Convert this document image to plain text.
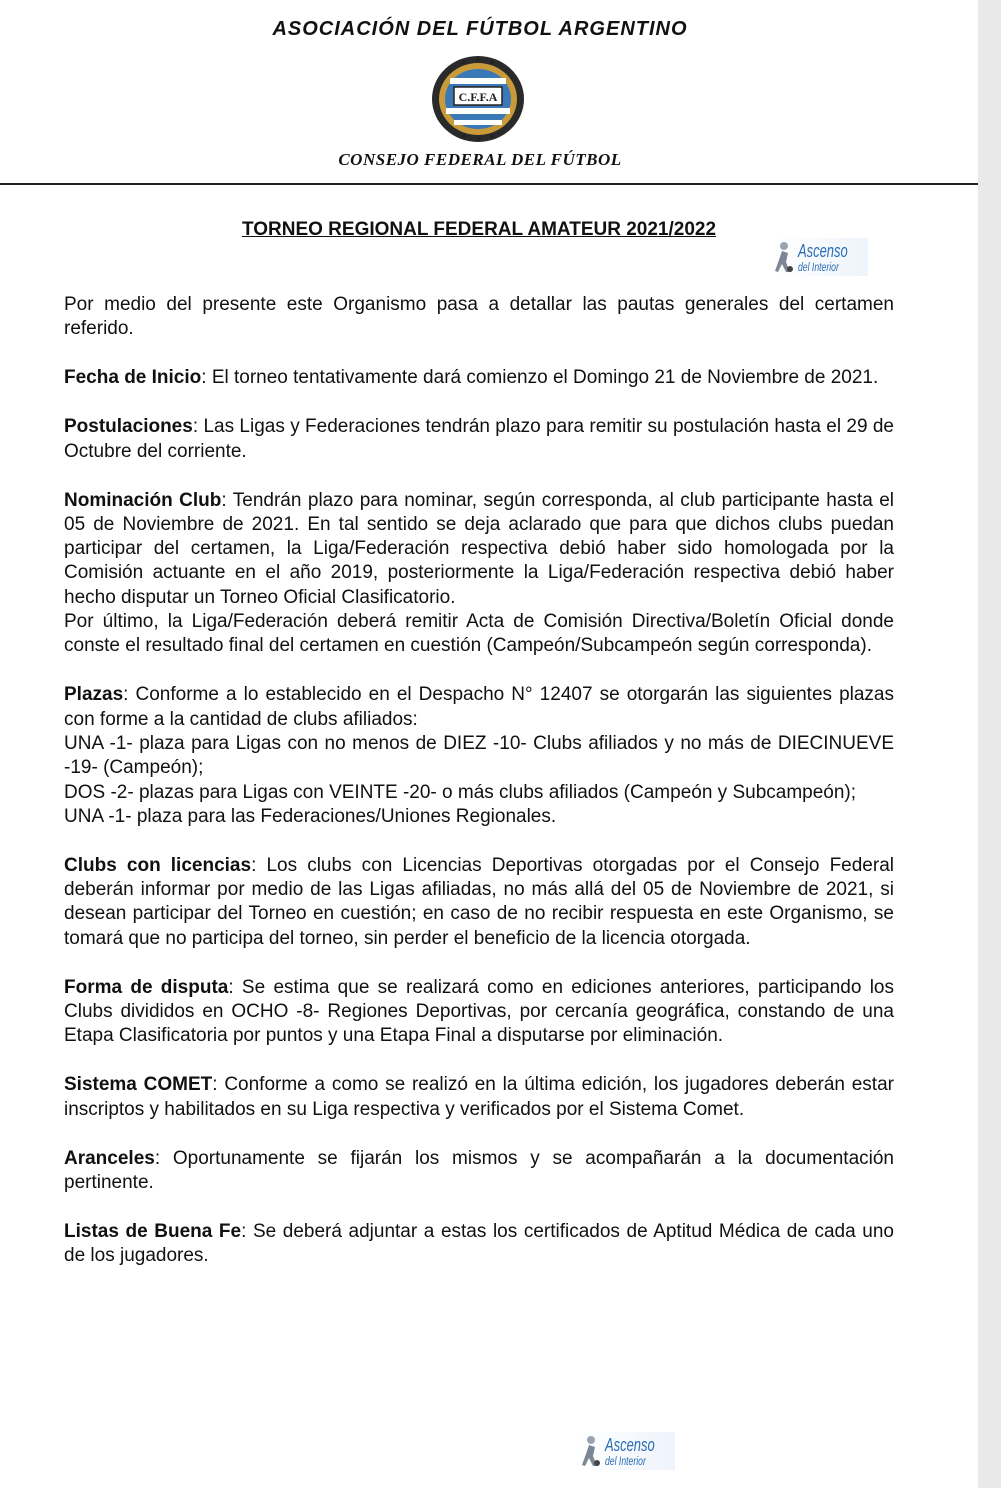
ASOCIACIÓN DEL FÚTBOL ARGENTINO
C.F.F.A
CONSEJO FEDERAL DEL FÚTBOL
TORNEO REGIONAL FEDERAL AMATEUR 2021/2022
Ascenso
del Interior

Por medio del presente este Organismo pasa a detallar las pautas generales del certamen referido.

Fecha de Inicio: El torneo tentativamente dará comienzo el Domingo 21 de Noviembre de 2021.

Postulaciones: Las Ligas y Federaciones tendrán plazo para remitir su postulación hasta el 29 de Octubre del corriente.

Nominación Club: Tendrán plazo para nominar, según corresponda, al club participante hasta el 05 de Noviembre de 2021. En tal sentido se deja aclarado que para que dichos clubs puedan participar del certamen, la Liga/Federación respectiva debió haber sido homologada por la Comisión actuante en el año 2019, posteriormente la Liga/Federación respectiva debió haber hecho disputar un Torneo Oficial Clasificatorio.

Por último, la Liga/Federación deberá remitir Acta de Comisión Directiva/Boletín Oficial donde conste el resultado final del certamen en cuestión (Campeón/Subcampeón según corresponda).

Plazas: Conforme a lo establecido en el Despacho N° 12407 se otorgarán las siguientes plazas con forme a la cantidad de clubs afiliados:

UNA -1- plaza para Ligas con no menos de DIEZ -10- Clubs afiliados y no más de DIECINUEVE -19- (Campeón);

DOS -2- plazas para Ligas con VEINTE -20- o más clubs afiliados (Campeón y Subcampeón);

UNA -1- plaza para las Federaciones/Uniones Regionales.

Clubs con licencias: Los clubs con Licencias Deportivas otorgadas por el Consejo Federal deberán informar por medio de las Ligas afiliadas, no más allá del 05 de Noviembre de 2021, si desean participar del Torneo en cuestión; en caso de no recibir respuesta en este Organismo, se tomará que no participa del torneo, sin perder el beneficio de la licencia otorgada.

Forma de disputa: Se estima que se realizará como en ediciones anteriores, participando los Clubs divididos en OCHO -8- Regiones Deportivas, por cercanía geográfica, constando de una Etapa Clasificatoria por puntos y una Etapa Final a disputarse por eliminación.

Sistema COMET: Conforme a como se realizó en la última edición, los jugadores deberán estar inscriptos y habilitados en su Liga respectiva y verificados por el Sistema Comet.

Aranceles: Oportunamente se fijarán los mismos y se acompañarán a la documentación pertinente.

Listas de Buena Fe: Se deberá adjuntar a estas los certificados de Aptitud Médica de cada uno de los jugadores.

Ascenso
del Interior
